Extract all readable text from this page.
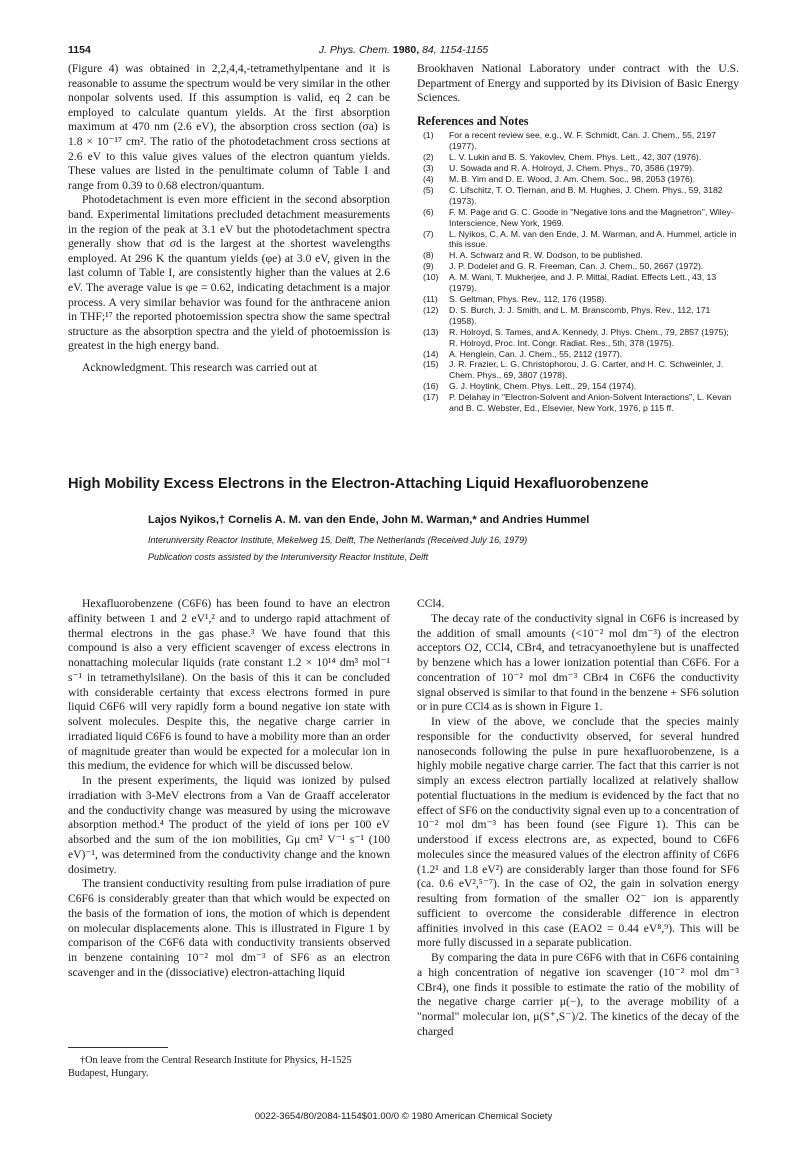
1154	J. Phys. Chem. 1980, 84, 1154-1155

(Figure 4) was obtained in 2,2,4,4,-tetramethylpentane and it is reasonable to assume the spectrum would be very similar in the other nonpolar solvents used. If this assumption is valid, eq 2 can be employed to calculate quantum yields. At the first absorption maximum at 470 nm (2.6 eV), the absorption cross section (σa) is 1.8 × 10⁻¹⁷ cm². The ratio of the photodetachment cross sections at 2.6 eV to this value gives values of the electron quantum yields. These values are listed in the penultimate column of Table I and range from 0.39 to 0.68 electron/quantum.

Photodetachment is even more efficient in the second absorption band. Experimental limitations precluded detachment measurements in the region of the peak at 3.1 eV but the photodetachment spectra generally show that σd is the largest at the shortest wavelengths employed. At 296 K the quantum yields (φe) at 3.0 eV, given in the last column of Table I, are consistently higher than the values at 2.6 eV. The average value is φe = 0.62, indicating detachment is a major process. A very similar behavior was found for the anthracene anion in THF;¹⁷ the reported photoemission spectra show the same spectral structure as the absorption spectra and the yield of photoemission is greatest in the high energy band.

Acknowledgment. This research was carried out at

Brookhaven National Laboratory under contract with the U.S. Department of Energy and supported by its Division of Basic Energy Sciences.

References and Notes
(1) For a recent review see, e.g., W. F. Schmidt, Can. J. Chem., 55, 2197 (1977).
(2) L. V. Lukin and B. S. Yakovlev, Chem. Phys. Lett., 42, 307 (1976).
(3) U. Sowada and R. A. Holroyd, J. Chem. Phys., 70, 3586 (1979).
(4) M. B. Yim and D. E. Wood, J. Am. Chem. Soc., 98, 2053 (1976).
(5) C. Lifschitz, T. O. Tiernan, and B. M. Hughes, J. Chem. Phys., 59, 3182 (1973).
(6) F. M. Page and G. C. Goode in "Negative Ions and the Magnetron", Wiley-Interscience, New York, 1969.
(7) L. Nyikos, C. A. M. van den Ende, J. M. Warman, and A. Hummel, article in this issue.
(8) H. A. Schwarz and R. W. Dodson, to be published.
(9) J. P. Dodelet and G. R. Freeman, Can. J. Chem., 50, 2667 (1972).
(10) A. M. Wani, T. Mukherjee, and J. P. Mittal, Radiat. Effects Lett., 43, 13 (1979).
(11) S. Geltman, Phys. Rev., 112, 176 (1958).
(12) D. S. Burch, J. J. Smith, and L. M. Branscomb, Phys. Rev., 112, 171 (1958).
(13) R. Holroyd, S. Tames, and A. Kennedy, J. Phys. Chem., 79, 2857 (1975); R. Holroyd, Proc. Int. Congr. Radiat. Res., 5th, 378 (1975).
(14) A. Henglein, Can. J. Chem., 55, 2112 (1977).
(15) J. R. Frazier, L. G. Christophorou, J. G. Carter, and H. C. Schweinler, J. Chem. Phys., 69, 3807 (1978).
(16) G. J. Hoytink, Chem. Phys. Lett., 29, 154 (1974).
(17) P. Delahay in "Electron-Solvent and Anion-Solvent Interactions", L. Kevan and B. C. Webster, Ed., Elsevier, New York, 1976, p 115 ff.
High Mobility Excess Electrons in the Electron-Attaching Liquid Hexafluorobenzene
Lajos Nyikos,† Cornelis A. M. van den Ende, John M. Warman,* and Andries Hummel
Interuniversity Reactor Institute, Mekelweg 15, Delft, The Netherlands (Received July 16, 1979)
Publication costs assisted by the Interuniversity Reactor Institute, Delft

Hexafluorobenzene (C6F6) has been found to have an electron affinity between 1 and 2 eV¹,² and to undergo rapid attachment of thermal electrons in the gas phase.³ We have found that this compound is also a very efficient scavenger of excess electrons in nonattaching molecular liquids (rate constant 1.2 × 10¹⁴ dm³ mol⁻¹ s⁻¹ in tetramethylsilane). On the basis of this it can be concluded with considerable certainty that excess electrons formed in pure liquid C6F6 will very rapidly form a bound negative ion state with solvent molecules. Despite this, the negative charge carrier in irradiated liquid C6F6 is found to have a mobility more than an order of magnitude greater than would be expected for a molecular ion in this medium, the evidence for which will be discussed below.

In the present experiments, the liquid was ionized by pulsed irradiation with 3-MeV electrons from a Van de Graaff accelerator and the conductivity change was measured by using the microwave absorption method.⁴ The product of the yield of ions per 100 eV absorbed and the sum of the ion mobilities, Gμ cm² V⁻¹ s⁻¹ (100 eV)⁻¹, was determined from the conductivity change and the known dosimetry.

The transient conductivity resulting from pulse irradiation of pure C6F6 is considerably greater than that which would be expected on the basis of the formation of ions, the motion of which is dependent on molecular displacements alone. This is illustrated in Figure 1 by comparison of the C6F6 data with conductivity transients observed in benzene containing 10⁻² mol dm⁻³ of SF6 as an electron scavenger and in the (dissociative) electron-attaching liquid

CCl4.

The decay rate of the conductivity signal in C6F6 is increased by the addition of small amounts (<10⁻² mol dm⁻³) of the electron acceptors O2, CCl4, CBr4, and tetracyanoethylene but is unaffected by benzene which has a lower ionization potential than C6F6. For a concentration of 10⁻² mol dm⁻³ CBr4 in C6F6 the conductivity signal observed is similar to that found in the benzene + SF6 solution or in pure CCl4 as is shown in Figure 1.

In view of the above, we conclude that the species mainly responsible for the conductivity observed, for several hundred nanoseconds following the pulse in pure hexafluorobenzene, is a highly mobile negative charge carrier. The fact that this carrier is not simply an excess electron partially localized at relatively shallow potential fluctuations in the medium is evidenced by the fact that no effect of SF6 on the conductivity signal even up to a concentration of 10⁻² mol dm⁻³ has been found (see Figure 1). This can be understood if excess electrons are, as expected, bound to C6F6 molecules since the measured values of the electron affinity of C6F6 (1.2¹ and 1.8 eV²) are considerably larger than those found for SF6 (ca. 0.6 eV²,⁵⁻⁷). In the case of O2, the gain in solvation energy resulting from formation of the smaller O2⁻ ion is apparently sufficient to overcome the considerable difference in electron affinities involved in this case (EAO2 = 0.44 eV⁸,⁹). This will be more fully discussed in a separate publication.

By comparing the data in pure C6F6 with that in C6F6 containing a high concentration of negative ion scavenger (10⁻² mol dm⁻³ CBr4), one finds it possible to estimate the ratio of the mobility of the negative charge carrier μ(−), to the average mobility of a "normal" molecular ion, μ(S⁺,S⁻)/2. The kinetics of the decay of the charged

†On leave from the Central Research Institute for Physics, H-1525 Budapest, Hungary.
0022-3654/80/2084-1154$01.00/0 © 1980 American Chemical Society
